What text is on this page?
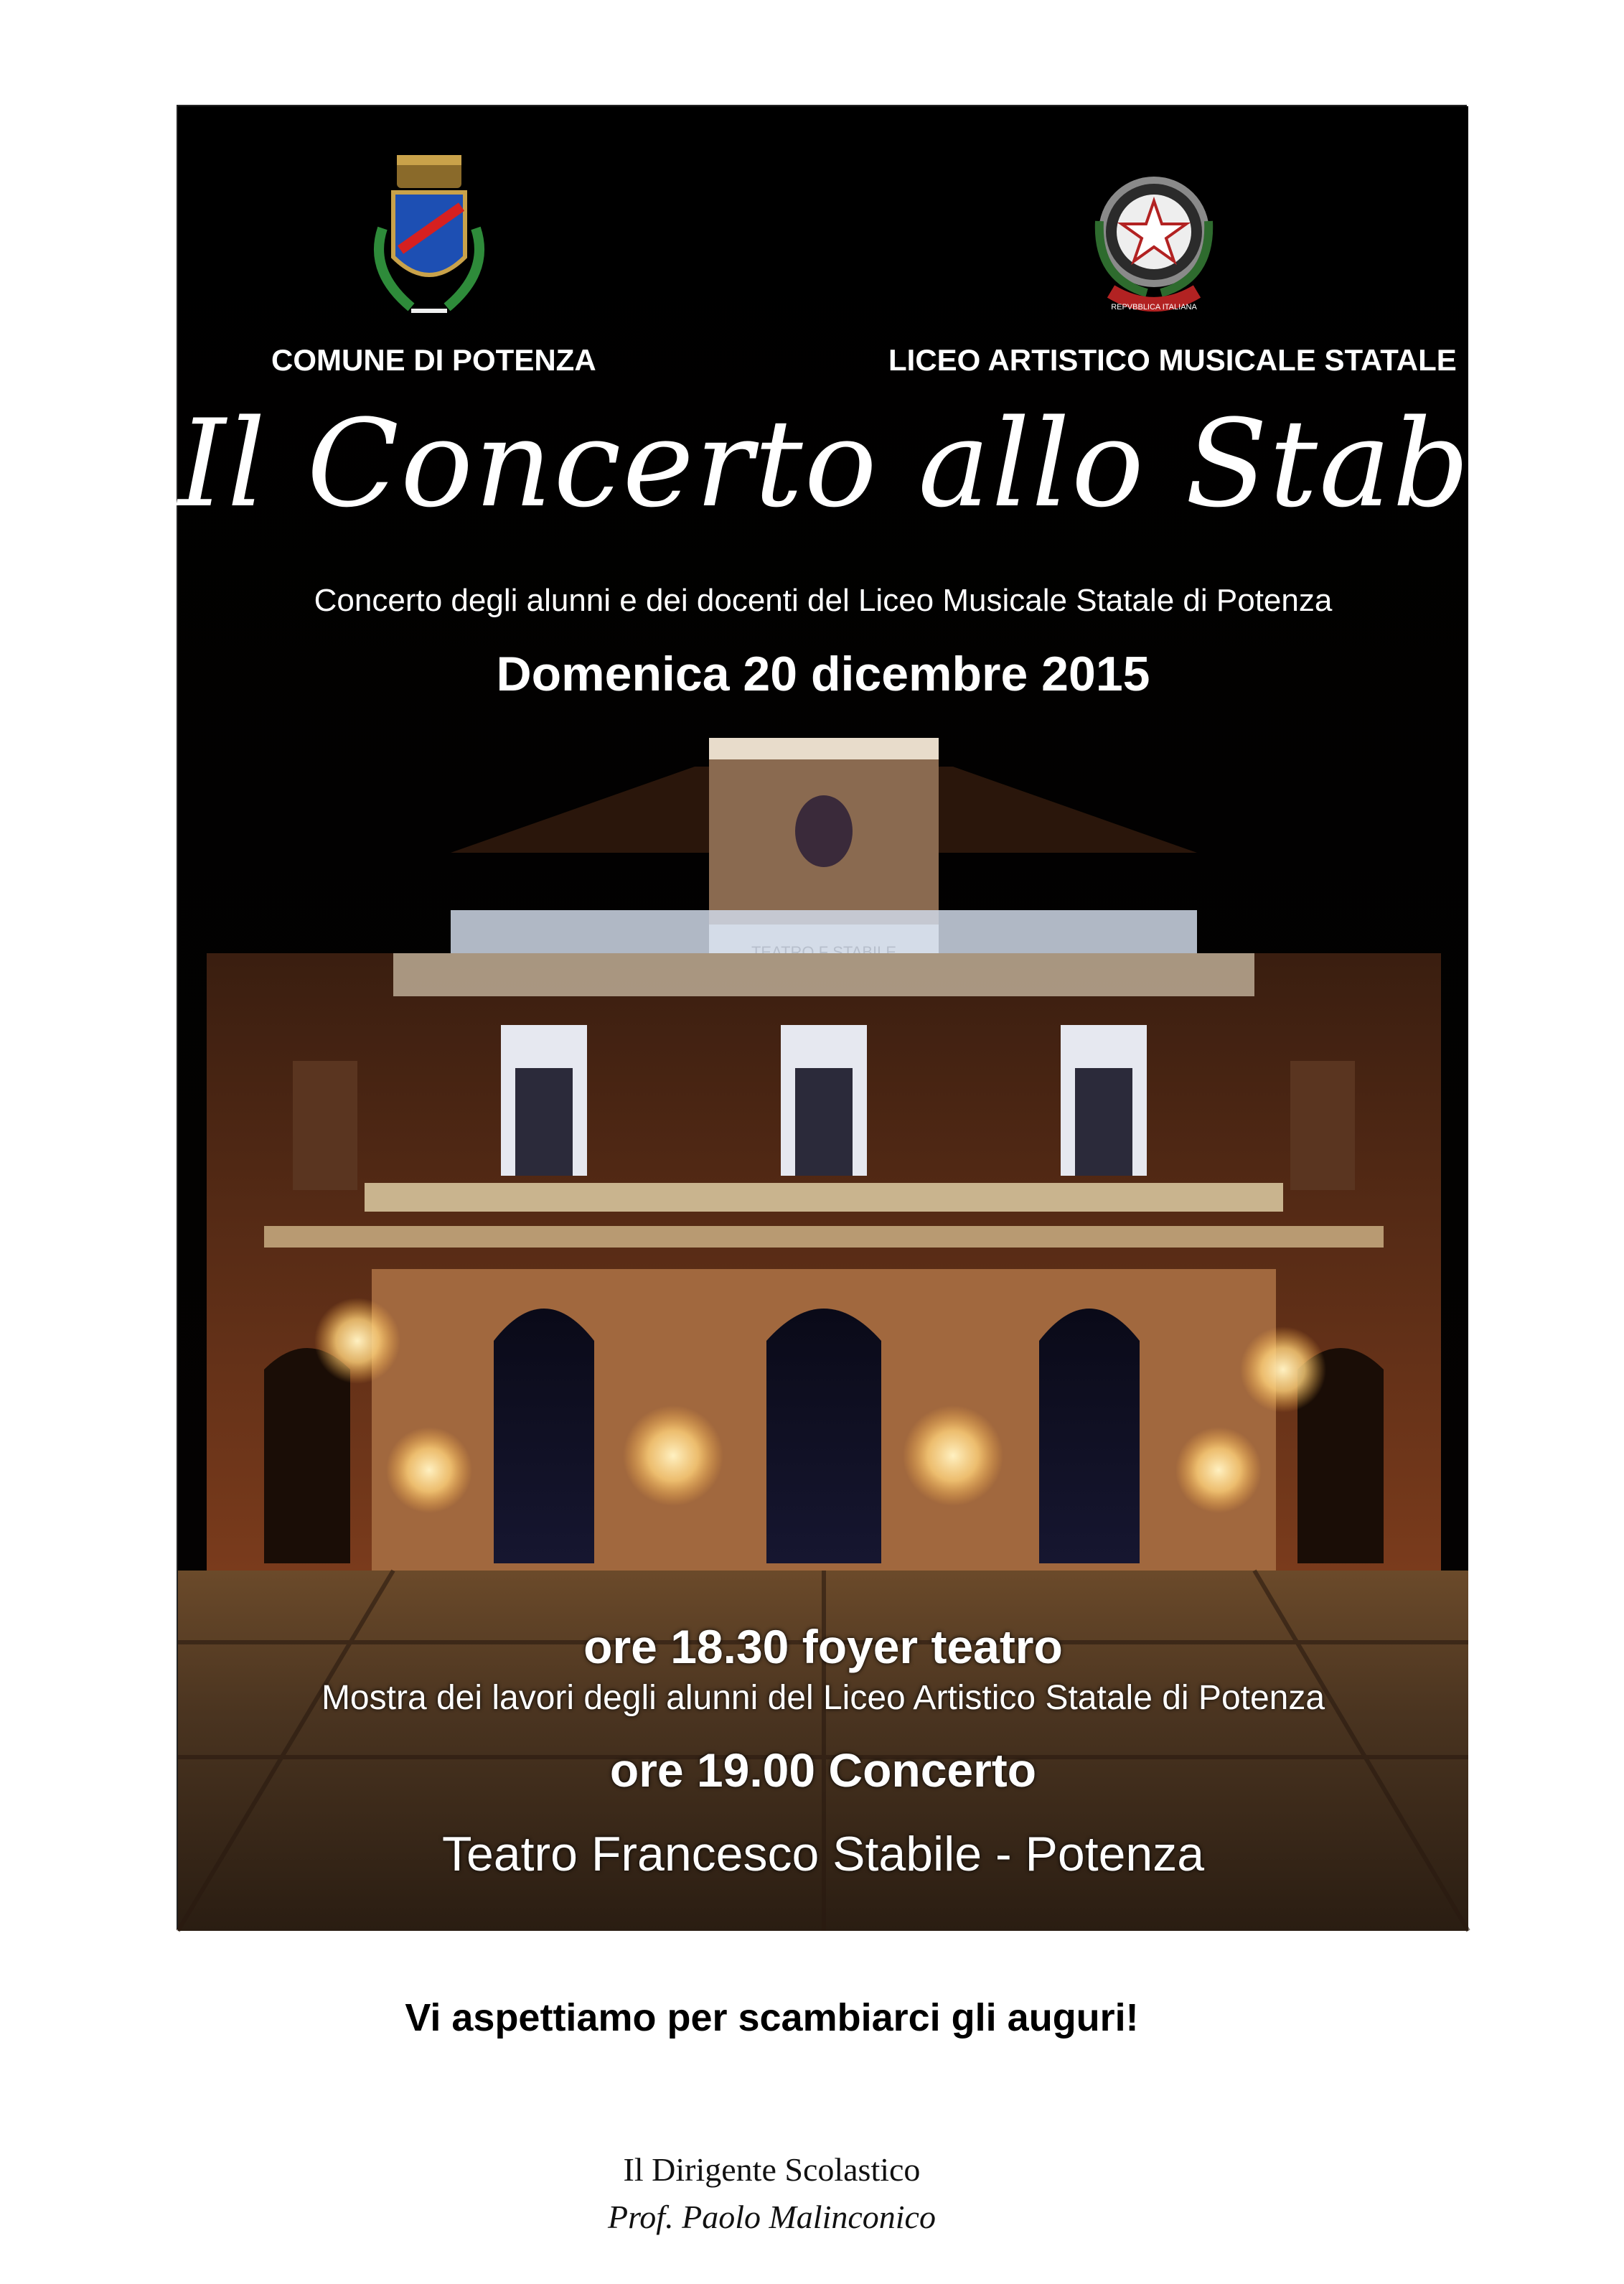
REPVBBLICA ITALIANA
COMUNE DI POTENZA	LICEO ARTISTICO MUSICALE STATALE
Il Concerto allo Stabile
Concerto degli alunni e dei docenti del Liceo Musicale Statale di Potenza
Domenica 20 dicembre 2015
ore 18.30 foyer teatro
Mostra dei lavori degli alunni del Liceo Artistico Statale di Potenza
ore 19.00 Concerto
Teatro Francesco Stabile - Potenza
Vi aspettiamo per scambiarci gli auguri!
Il Dirigente Scolastico
Prof. Paolo Malinconico
